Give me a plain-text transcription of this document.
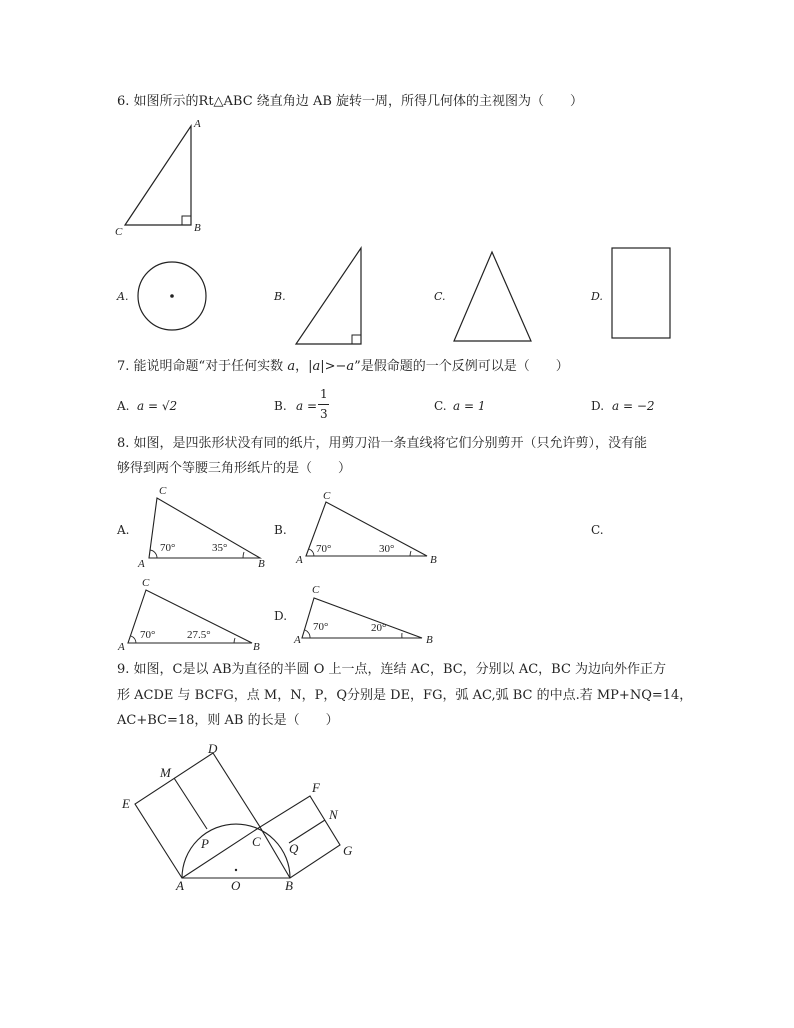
6. 如图所示的Rt△ABC 绕直角边 AB 旋转一周，所得几何体的主视图为（　　）
A
B
C
A.	B.	C.	D.
7. 能说明命题“对于任何实数 a，|a|>−a”是假命题的一个反例可以是（　　）
A. a = √2	B. a =
1
3
C. a = 1	D. a = −2
8. 如图，是四张形状没有同的纸片，用剪刀沿一条直线将它们分别剪开（只允许剪），没有能
够得到两个等腰三角形纸片的是（　　）
A.
C
A	B
70°	35°
B.
C
A	B
70°	30°
C.
C
A	B
70°	27.5°
D.
C
A	B
70°	20°
9. 如图，C是以 AB为直径的半圆 O 上一点，连结 AC，BC，分别以 AC，BC 为边向外作正方
形 ACDE 与 BCFG，点 M，N，P，Q分别是 DE，FG，弧 AC,弧 BC 的中点.若 MP+NQ=14，
AC+BC=18，则 AB 的长是（　　）
D
M
E
F
N
P	C Q	G
A	O	B
